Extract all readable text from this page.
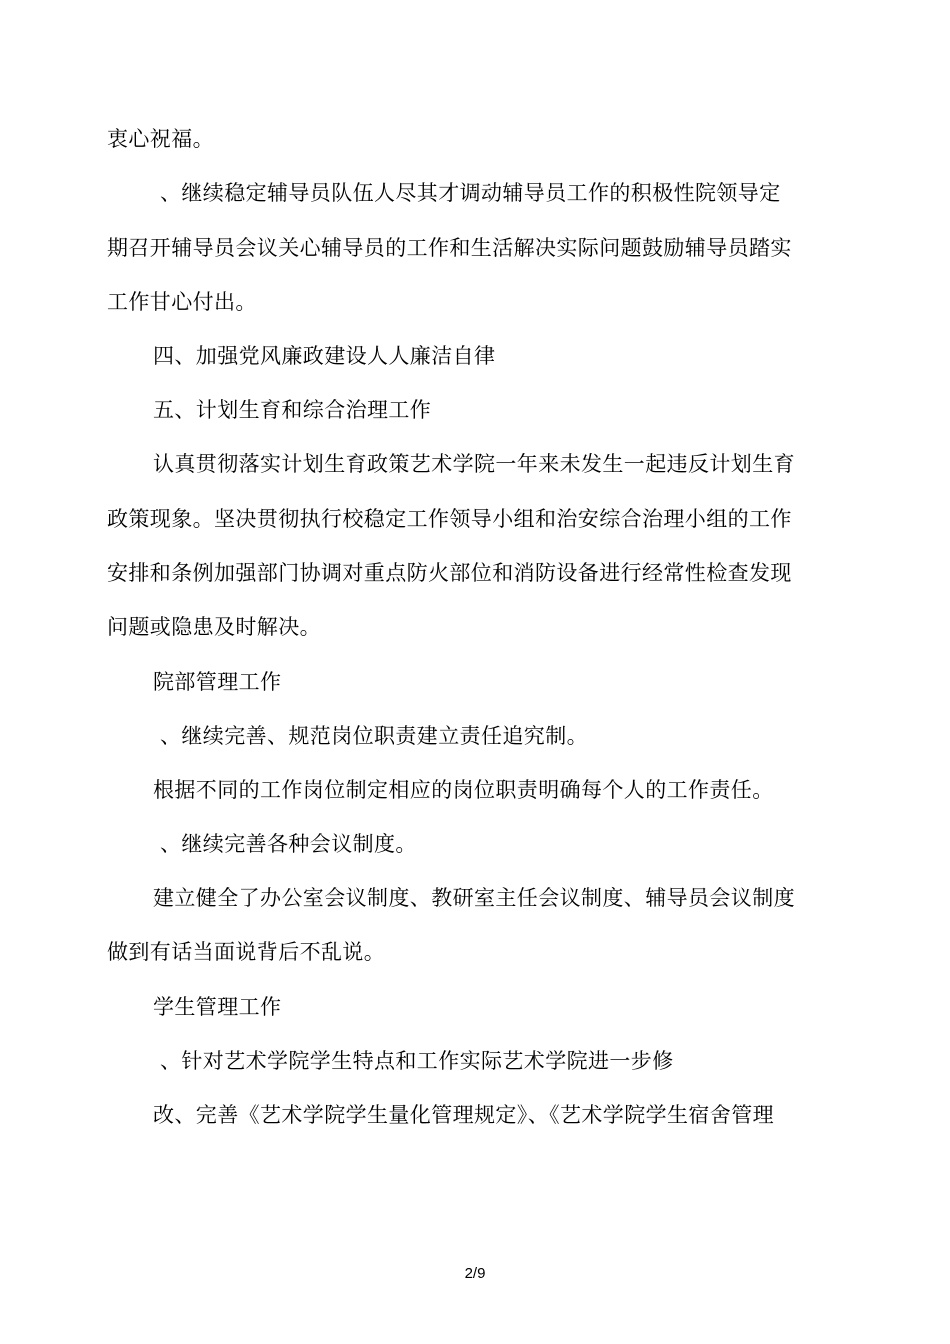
衷心祝福。
、继续稳定辅导员队伍人尽其才调动辅导员工作的积极性院领导定
期召开辅导员会议关心辅导员的工作和生活解决实际问题鼓励辅导员踏实
工作甘心付出。
四、加强党风廉政建设人人廉洁自律
五、计划生育和综合治理工作
认真贯彻落实计划生育政策艺术学院一年来未发生一起违反计划生育
政策现象。坚决贯彻执行校稳定工作领导小组和治安综合治理小组的工作
安排和条例加强部门协调对重点防火部位和消防设备进行经常性检查发现
问题或隐患及时解决。
院部管理工作
、继续完善、规范岗位职责建立责任追究制。
根据不同的工作岗位制定相应的岗位职责明确每个人的工作责任。
、继续完善各种会议制度。
建立健全了办公室会议制度、教研室主任会议制度、辅导员会议制度
做到有话当面说背后不乱说。
学生管理工作
、针对艺术学院学生特点和工作实际艺术学院进一步修
改、完善《艺术学院学生量化管理规定》、《艺术学院学生宿舍管理
2/9
